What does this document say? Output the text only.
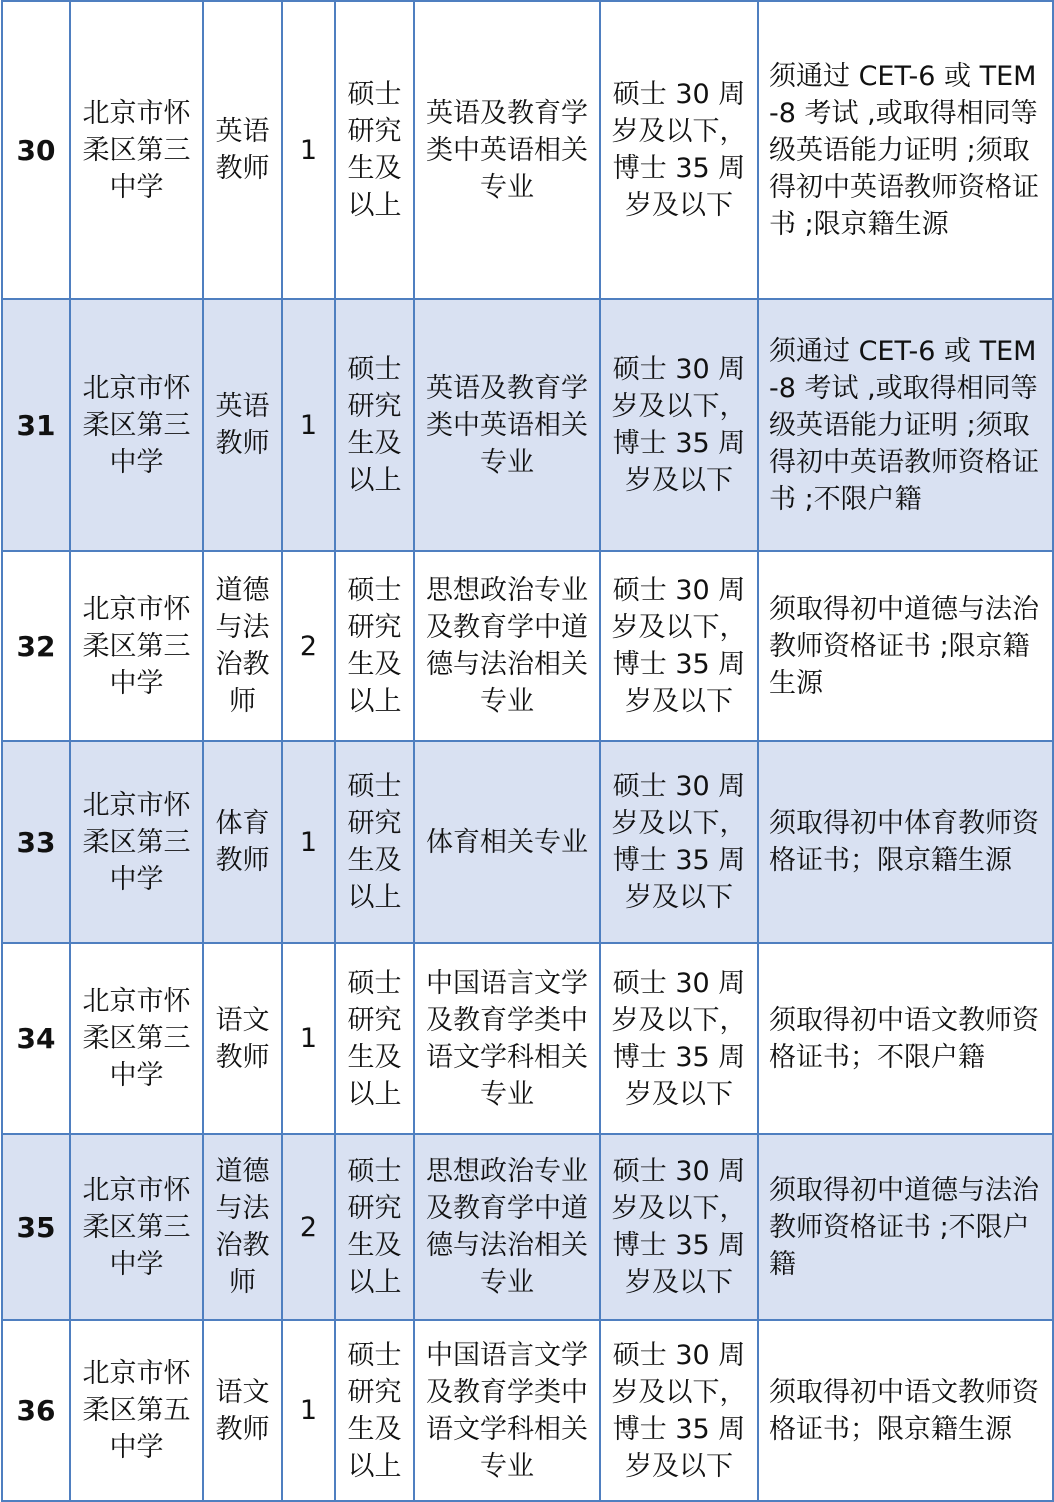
30	北京市怀柔区第三中学	英语教师	1	硕士研究生及以上	英语及教育学类中英语相关专业	硕士 30 周岁及以下，博士 35 周岁及以下	须通过 CET-6 或 TEM-8 考试 ,或取得相同等级英语能力证明 ;须取得初中英语教师资格证书 ;限京籍生源
31	北京市怀柔区第三中学	英语教师	1	硕士研究生及以上	英语及教育学类中英语相关专业	硕士 30 周岁及以下，博士 35 周岁及以下	须通过 CET-6 或 TEM-8 考试 ,或取得相同等级英语能力证明 ;须取得初中英语教师资格证书 ;不限户籍
32	北京市怀柔区第三中学	道德与法治教师	2	硕士研究生及以上	思想政治专业及教育学中道德与法治相关专业	硕士 30 周岁及以下，博士 35 周岁及以下	须取得初中道德与法治教师资格证书 ;限京籍生源
33	北京市怀柔区第三中学	体育教师	1	硕士研究生及以上	体育相关专业	硕士 30 周岁及以下，博士 35 周岁及以下	须取得初中体育教师资格证书；限京籍生源
34	北京市怀柔区第三中学	语文教师	1	硕士研究生及以上	中国语言文学及教育学类中语文学科相关专业	硕士 30 周岁及以下，博士 35 周岁及以下	须取得初中语文教师资格证书；不限户籍
35	北京市怀柔区第三中学	道德与法治教师	2	硕士研究生及以上	思想政治专业及教育学中道德与法治相关专业	硕士 30 周岁及以下，博士 35 周岁及以下	须取得初中道德与法治教师资格证书 ;不限户籍
36	北京市怀柔区第五中学	语文教师	1	硕士研究生及以上	中国语言文学及教育学类中语文学科相关专业	硕士 30 周岁及以下，博士 35 周岁及以下	须取得初中语文教师资格证书；限京籍生源
